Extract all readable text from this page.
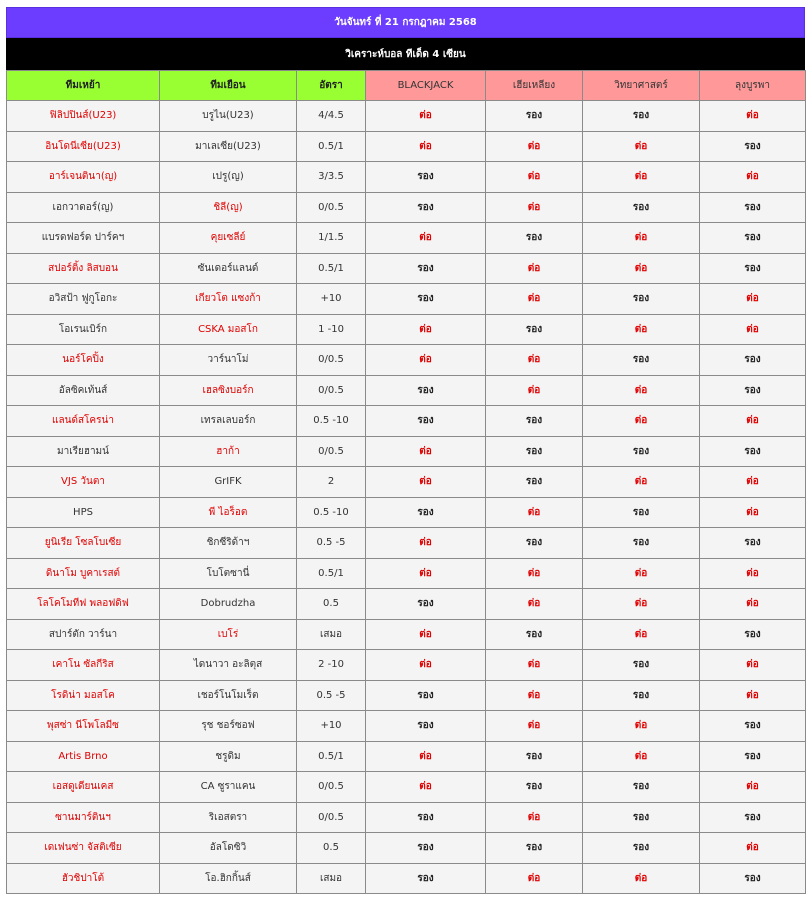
วันจันทร์ ที่ 21 กรกฎาคม 2568
วิเคราะห์บอล ทีเด็ด 4 เซียน
ทีมเหย้า	ทีมเยือน	อัตรา	BLACKJACK	เฮียเหลียง	วิทยาศาสตร์	ลุงบูรพา
ฟิลิปปินส์(U23)	บรูไน(U23)	4/4.5	ต่อ	รอง	รอง	ต่อ
อินโดนีเซีย(U23)	มาเลเซีย(U23)	0.5/1	ต่อ	ต่อ	ต่อ	รอง
อาร์เจนตินา(ญ)	เปรู(ญ)	3/3.5	รอง	ต่อ	ต่อ	ต่อ
เอกวาดอร์(ญ)	ชิลี(ญ)	0/0.5	รอง	ต่อ	รอง	รอง
แบรดฟอร์ด ปาร์คฯ	คุยเซลีย์	1/1.5	ต่อ	รอง	ต่อ	รอง
สปอร์ติ้ง ลิสบอน	ซันเดอร์แลนด์	0.5/1	รอง	ต่อ	ต่อ	รอง
อวิสป้า ฟูกูโอกะ	เกียวโต แซงก้า	+10	รอง	ต่อ	รอง	ต่อ
โอเรนเบิร์ก	CSKA มอสโก	1 -10	ต่อ	รอง	ต่อ	ต่อ
นอร์โคปิ้ง	วาร์นาโม่	0/0.5	ต่อ	ต่อ	รอง	รอง
อัลซิคเท้นส์	เฮลซิงบอร์ก	0/0.5	รอง	ต่อ	ต่อ	รอง
แลนด์สโครน่า	เทรลเลบอร์ก	0.5 -10	รอง	รอง	ต่อ	ต่อ
มาเรียฮามน์	ฮาก้า	0/0.5	ต่อ	รอง	รอง	รอง
VJS วันตา	GrIFK	2	ต่อ	รอง	ต่อ	ต่อ
HPS	พี ไอร็อต	0.5 -10	รอง	ต่อ	รอง	ต่อ
ยูนิเรีย โซลโบเซีย	ชิกซีริด้าฯ	0.5 -5	ต่อ	รอง	รอง	รอง
ดินาโม บูคาเรสต์	โบโตซานี่	0.5/1	ต่อ	ต่อ	ต่อ	ต่อ
โลโคโมทีฟ พลอฟดิฟ	Dobrudzha	0.5	รอง	ต่อ	ต่อ	ต่อ
สปาร์ตัก วาร์นา	เบโร่	เสมอ	ต่อ	รอง	ต่อ	รอง
เคาโน ซัลกีริส	ไดนาวา อะลิตุส	2 -10	ต่อ	ต่อ	รอง	ต่อ
โรดิน่า มอสโค	เชอร์โนโมเร็ต	0.5 -5	รอง	ต่อ	รอง	ต่อ
พุสซ่า นีโพโลมีซ	รุช ชอร์ซอฟ	+10	รอง	ต่อ	ต่อ	รอง
Artis Brno	ชรูดิม	0.5/1	ต่อ	รอง	ต่อ	รอง
เอสดูเดียนเคส	CA ซูราแคน	0/0.5	ต่อ	รอง	รอง	ต่อ
ซานมาร์ตินฯ	ริเอสตรา	0/0.5	รอง	ต่อ	รอง	รอง
เดเฟนซ่า จัสติเซีย	อัลโดซิวิ	0.5	รอง	รอง	รอง	ต่อ
ฮัวชิปาโต้	โอ.ฮิกกิ้นส์	เสมอ	รอง	ต่อ	ต่อ	รอง
